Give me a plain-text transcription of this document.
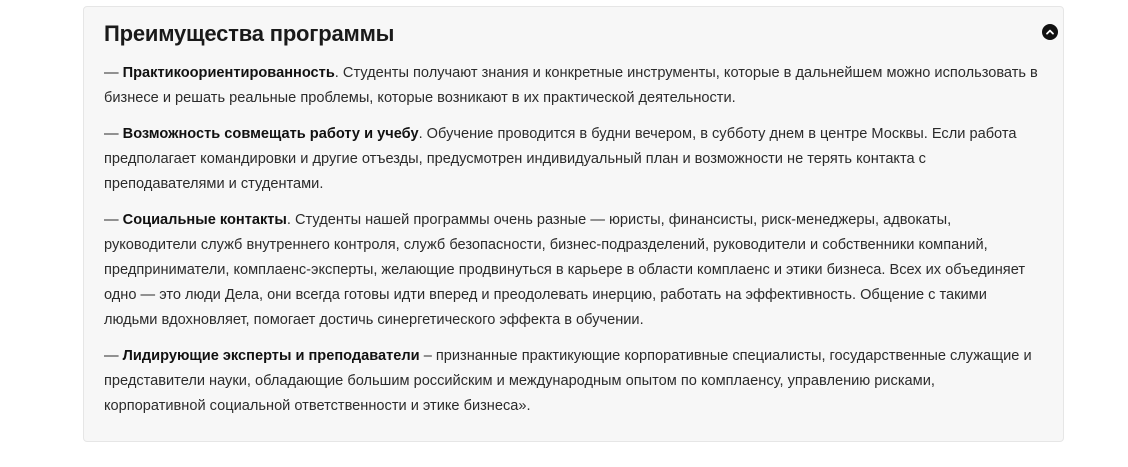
Преимущества программы

— Практикоориентированность. Студенты получают знания и конкретные инструменты, которые в дальнейшем можно использовать в бизнесе и решать реальные проблемы, которые возникают в их практической деятельности.

— Возможность совмещать работу и учебу. Обучение проводится в будни вечером, в субботу днем в центре Москвы. Если работа предполагает командировки и другие отъезды, предусмотрен индивидуальный план и возможности не терять контакта с преподавателями и студентами.

— Социальные контакты. Студенты нашей программы очень разные — юристы, финансисты, риск-менеджеры, адвокаты, руководители служб внутреннего контроля, служб безопасности, бизнес-подразделений, руководители и собственники компаний, предприниматели, комплаенс-эксперты, желающие продвинуться в карьере в области комплаенс и этики бизнеса. Всех их объединяет одно — это люди Дела, они всегда готовы идти вперед и преодолевать инерцию, работать на эффективность. Общение с такими людьми вдохновляет, помогает достичь синергетического эффекта в обучении.

— Лидирующие эксперты и преподаватели – признанные практикующие корпоративные специалисты, государственные служащие и представители науки, обладающие большим российским и международным опытом по комплаенсу, управлению рисками, корпоративной социальной ответственности и этике бизнеса».
